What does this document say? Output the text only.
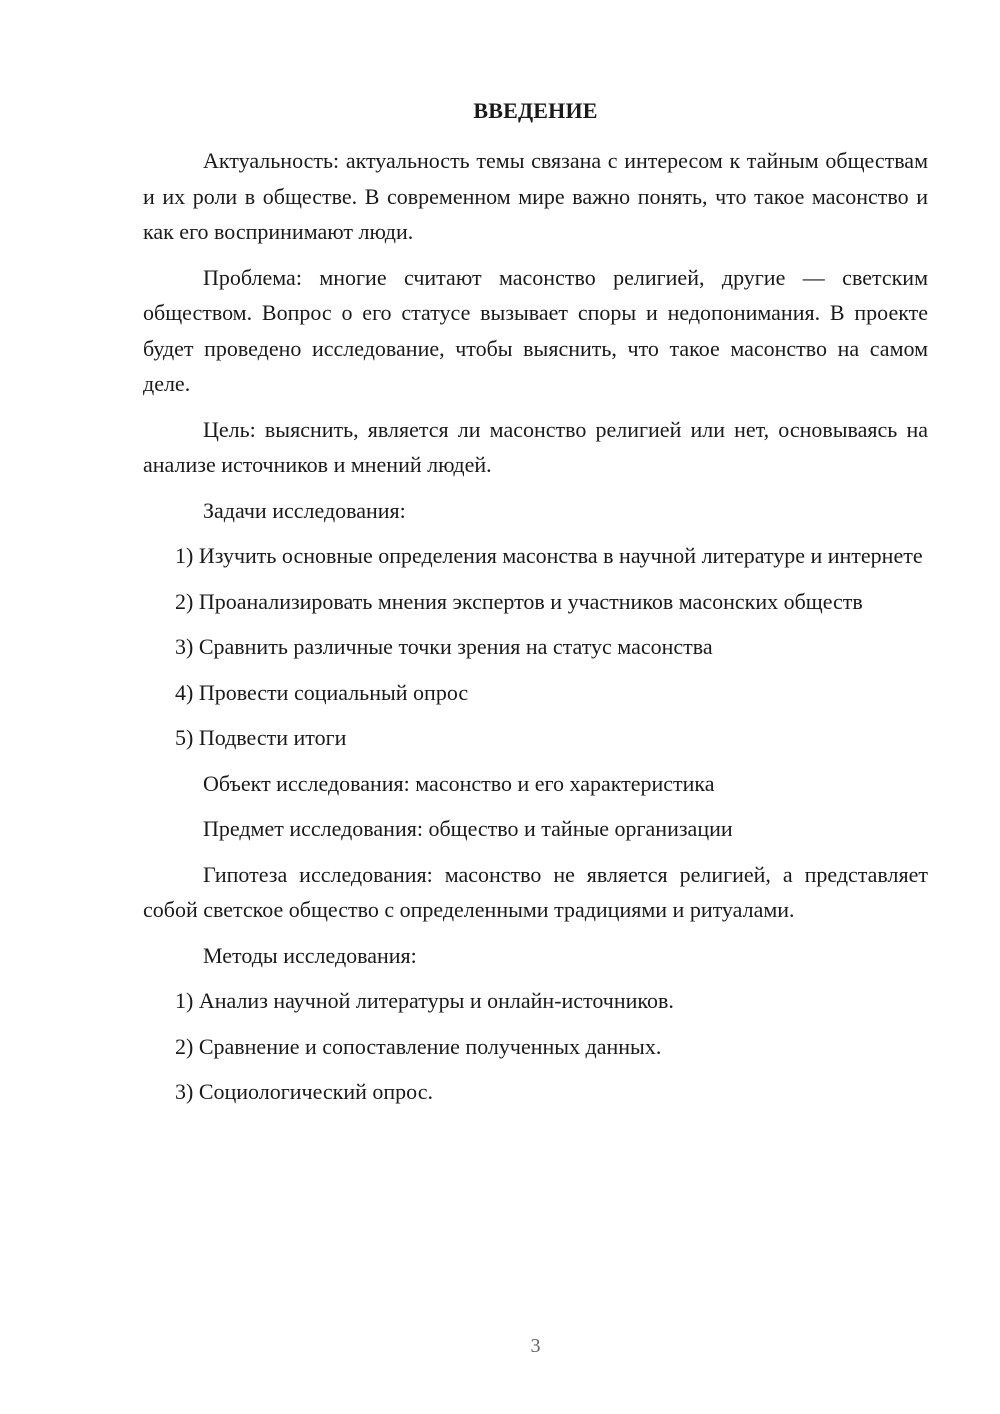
ВВЕДЕНИЕ

Актуальность: актуальность темы связана с интересом к тайным обществам и их роли в обществе. В современном мире важно понять, что такое масонство и как его воспринимают люди.

Проблема: многие считают масонство религией, другие — светским обществом. Вопрос о его статусе вызывает споры и недопонимания. В проекте будет проведено исследование, чтобы выяснить, что такое масонство на самом деле.

Цель: выяснить, является ли масонство религией или нет, основываясь на анализе источников и мнений людей.

Задачи исследования:

1) Изучить основные определения масонства в научной литературе и интернете

2) Проанализировать мнения экспертов и участников масонских обществ

3) Сравнить различные точки зрения на статус масонства

4) Провести социальный опрос

5) Подвести итоги

Объект исследования: масонство и его характеристика

Предмет исследования: общество и тайные организации

Гипотеза исследования: масонство не является религией, а представляет собой светское общество с определенными традициями и ритуалами.

Методы исследования:

1) Анализ научной литературы и онлайн-источников.

2) Сравнение и сопоставление полученных данных.

3) Социологический опрос.

3
